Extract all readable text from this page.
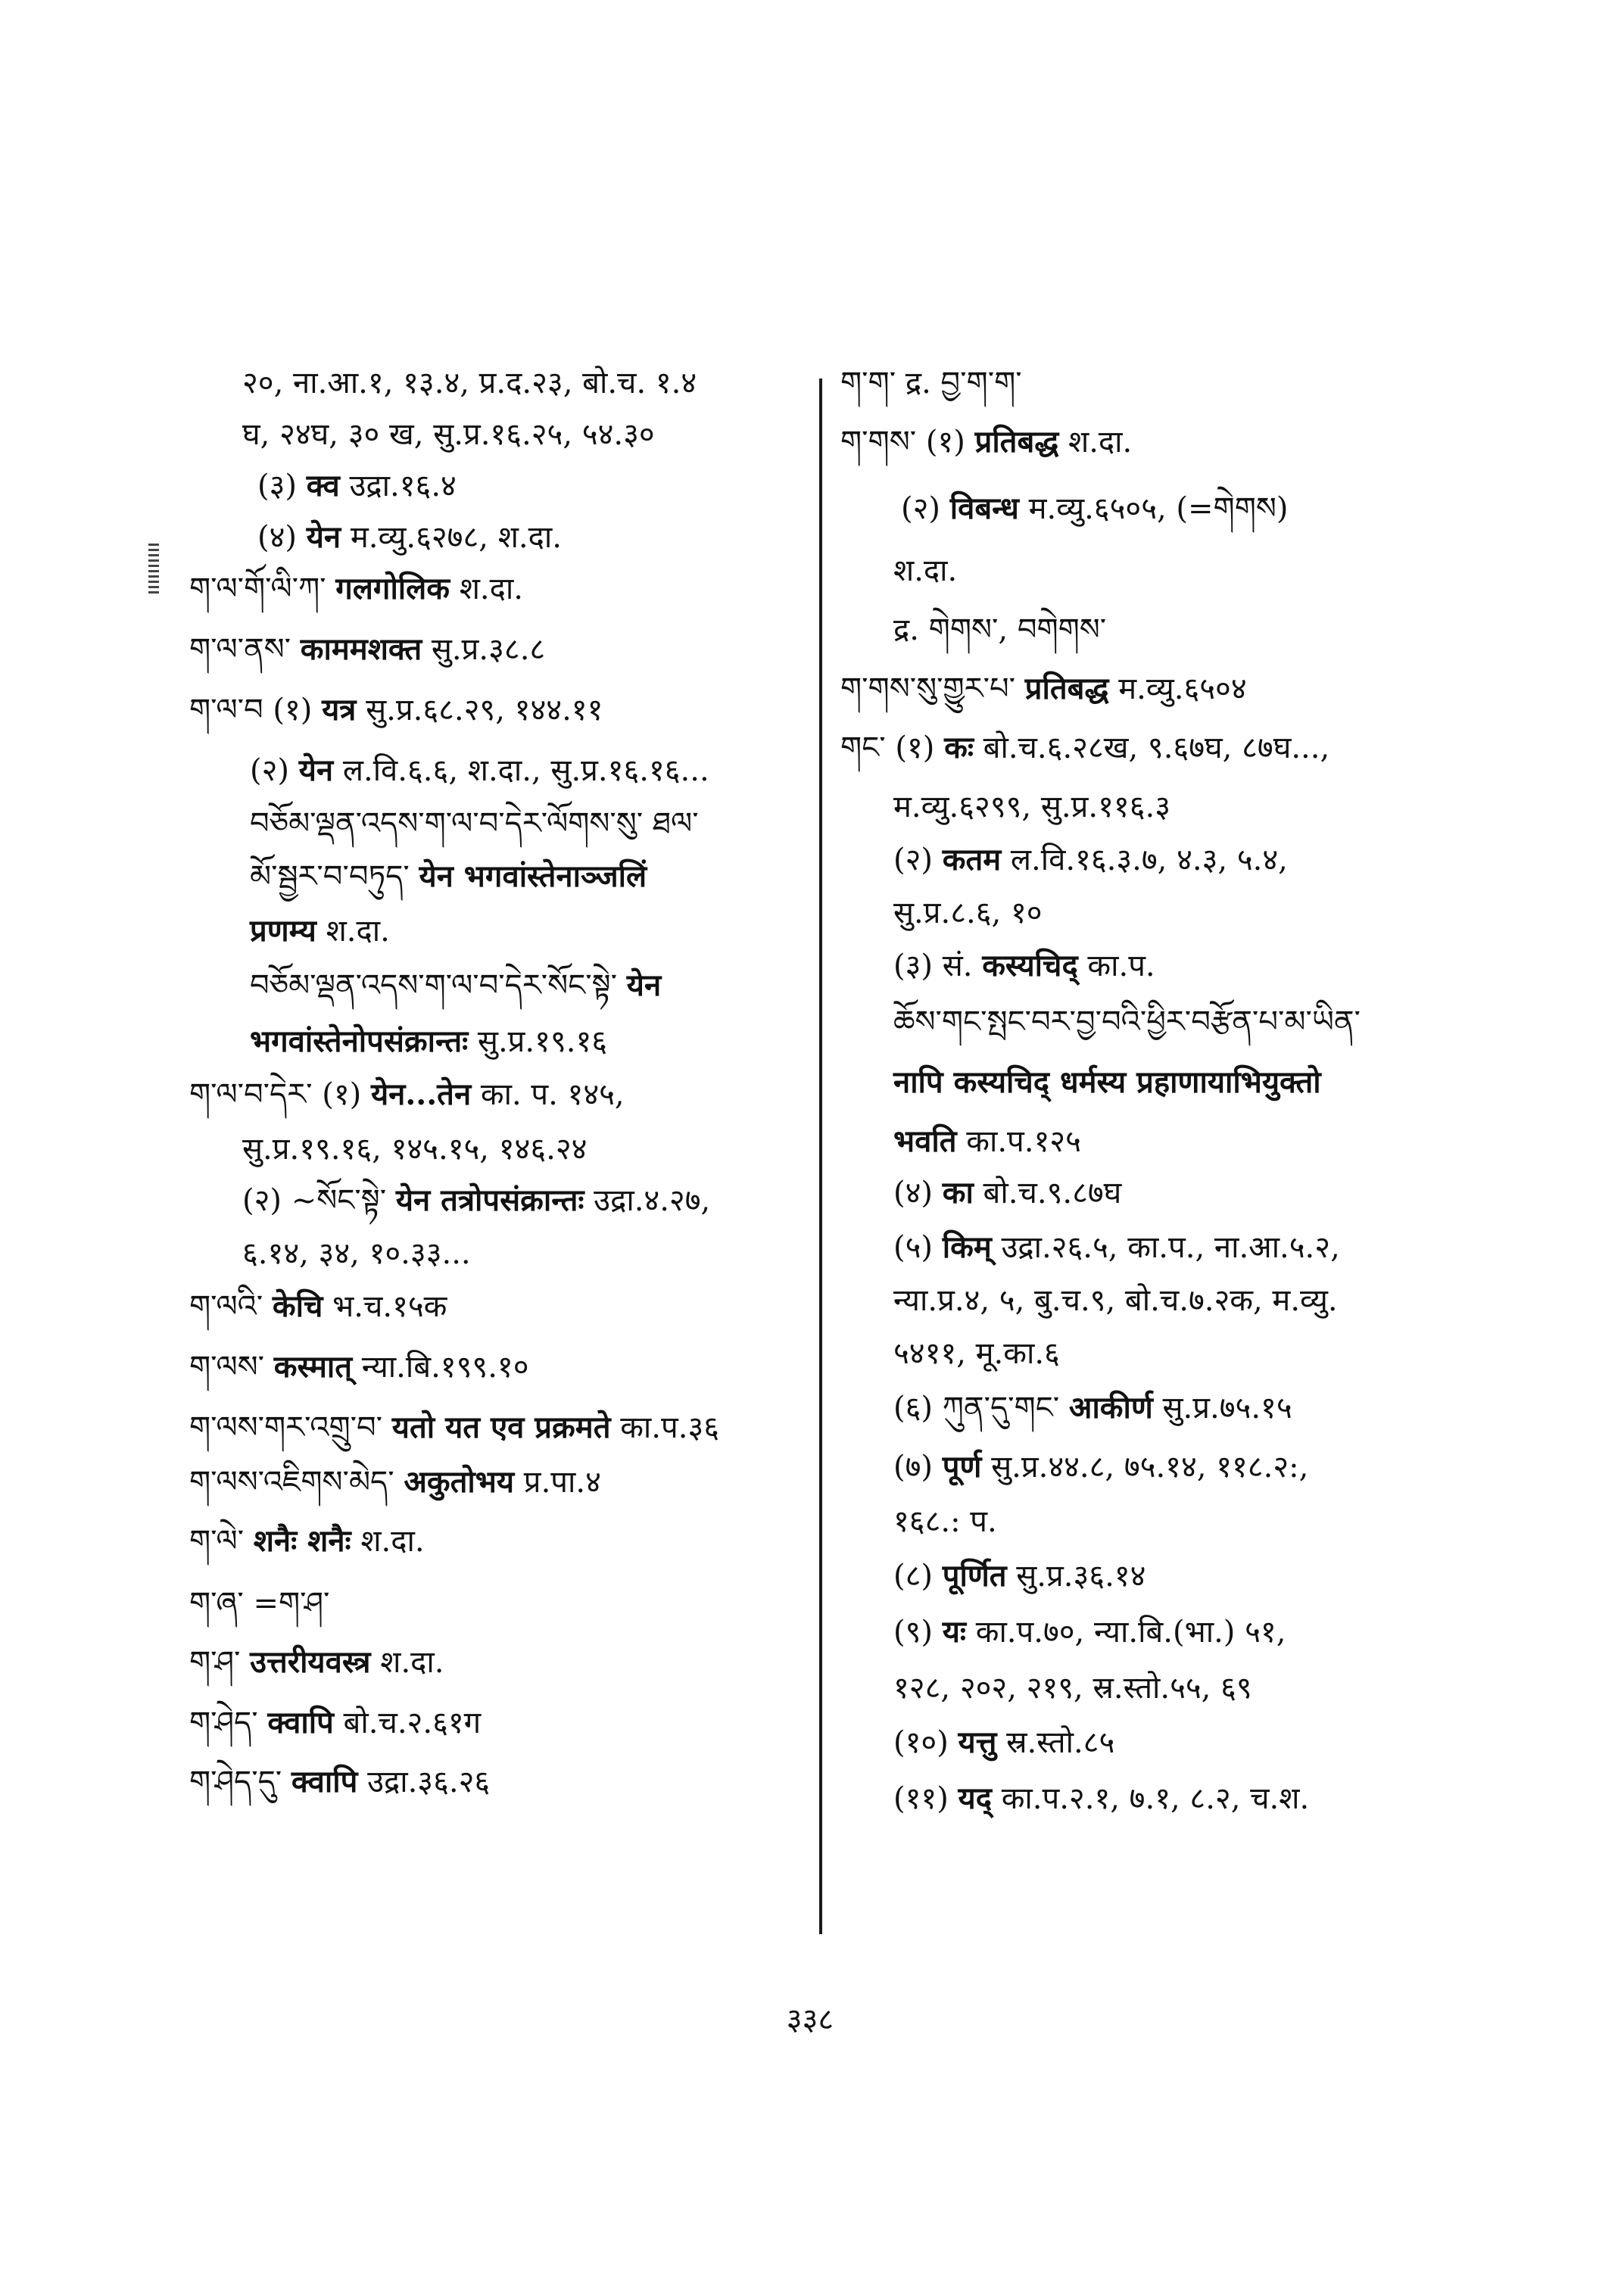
२०, ना.आ.१, १३.४, प्र.द.२३, बो.च. १.४
घ, २४घ, ३० ख, सु.प्र.१६.२५, ५४.३०
(३) क्व उद्रा.१६.४
(४) येन म.व्यु.६२७८, श.दा.
ག་ལ་གོ་ལི་ཀ་ गलगोलिक श.दा.
ག་ལ་ནས་ काममशक्त सु.प्र.३८.८
ག་ལ་བ (१) यत्र सु.प्र.६८.२९, १४४.११
(२) येन ल.वि.६.६, श.दा., सु.प्र.१६.१६...
བཅོམ་ལྡན་འདས་ག་ལ་བ་དེར་ལོགས་སུ་ ཐལ་
མོ་སྦྱར་བ་བཏུད་ येन भगवांस्तेनाञ्जलिं
प्रणम्य श.दा.
བཅོམ་ལྡན་འདས་ག་ལ་བ་དེར་སོང་སྟེ་ येन
भगवांस्तेनोपसंक्रान्तः सु.प्र.१९.१६
ག་ལ་བ་དེར་ (१) येन...तेन का. प. १४५,
सु.प्र.१९.१६, १४५.१५, १४६.२४
(२) ~སོང་སྟེ་ येन तत्रोपसंक्रान्तः उद्रा.४.२७,
६.१४, ३४, १०.३३...
ག་ལའི་ केचि भ.च.१५क
ག་ལས་ कस्मात् न्या.बि.१९९.१०
ག་ལས་གར་འགྲུ་བ་ यतो यत एव प्रक्रमते का.प.३६
ག་ལས་འཇིགས་མེད་ अकुतोभय प्र.पा.४
ག་ལེ་ शनैः शनैः श.दा.
ག་ཞ་ =ག་ཤ་
ག་ཤ་ उत्तरीयवस्त्र श.दा.
ག་ཤེད་ क्वापि बो.च.२.६१ग
ག་ཤེད་དུ་ क्वापि उद्रा.३६.२६
ག་ག་ द्र. བྱ་ག་ག་
ག་གས་ (१) प्रतिबद्ध श.दा.
(२) विबन्ध म.व्यु.६५०५, (=གེགས)
श.दा.
द्र. གེགས་, བགེགས་
ག་གས་སུ་གྱུར་པ་ प्रतिबद्ध म.व्यु.६५०४
གང་ (१) कः बो.च.६.२८ख, ९.६७घ, ८७घ...,
म.व्यु.६२९९, सु.प्र.११६.३
(२) कतम ल.वि.१६.३.७, ४.३, ५.४,
सु.प्र.८.६, १०
(३) सं. कस्यचिद् का.प.
ཆོས་གང་སྤང་བར་བྱ་བའི་ཕྱིར་བརྩོན་པ་མ་ཡིན་
नापि कस्यचिद् धर्मस्य प्रहाणायाभियुक्तो
भवति का.प.१२५
(४) का बो.च.९.८७घ
(५) किम् उद्रा.२६.५, का.प., ना.आ.५.२,
न्या.प्र.४, ५, बु.च.९, बो.च.७.२क, म.व्यु.
५४११, मू.का.६
(६) ཀུན་དུ་གང་ आकीर्ण सु.प्र.७५.१५
(७) पूर्ण सु.प्र.४४.८, ७५.१४, ११८.२:,
१६८.: प.
(८) पूर्णित सु.प्र.३६.१४
(९) यः का.प.७०, न्या.बि.(भा.) ५१,
१२८, २०२, २१९, स्र.स्तो.५५, ६९
(१०) यत्तु स्र.स्तो.८५
(११) यद् का.प.२.१, ७.१, ८.२, च.श.
३३८
